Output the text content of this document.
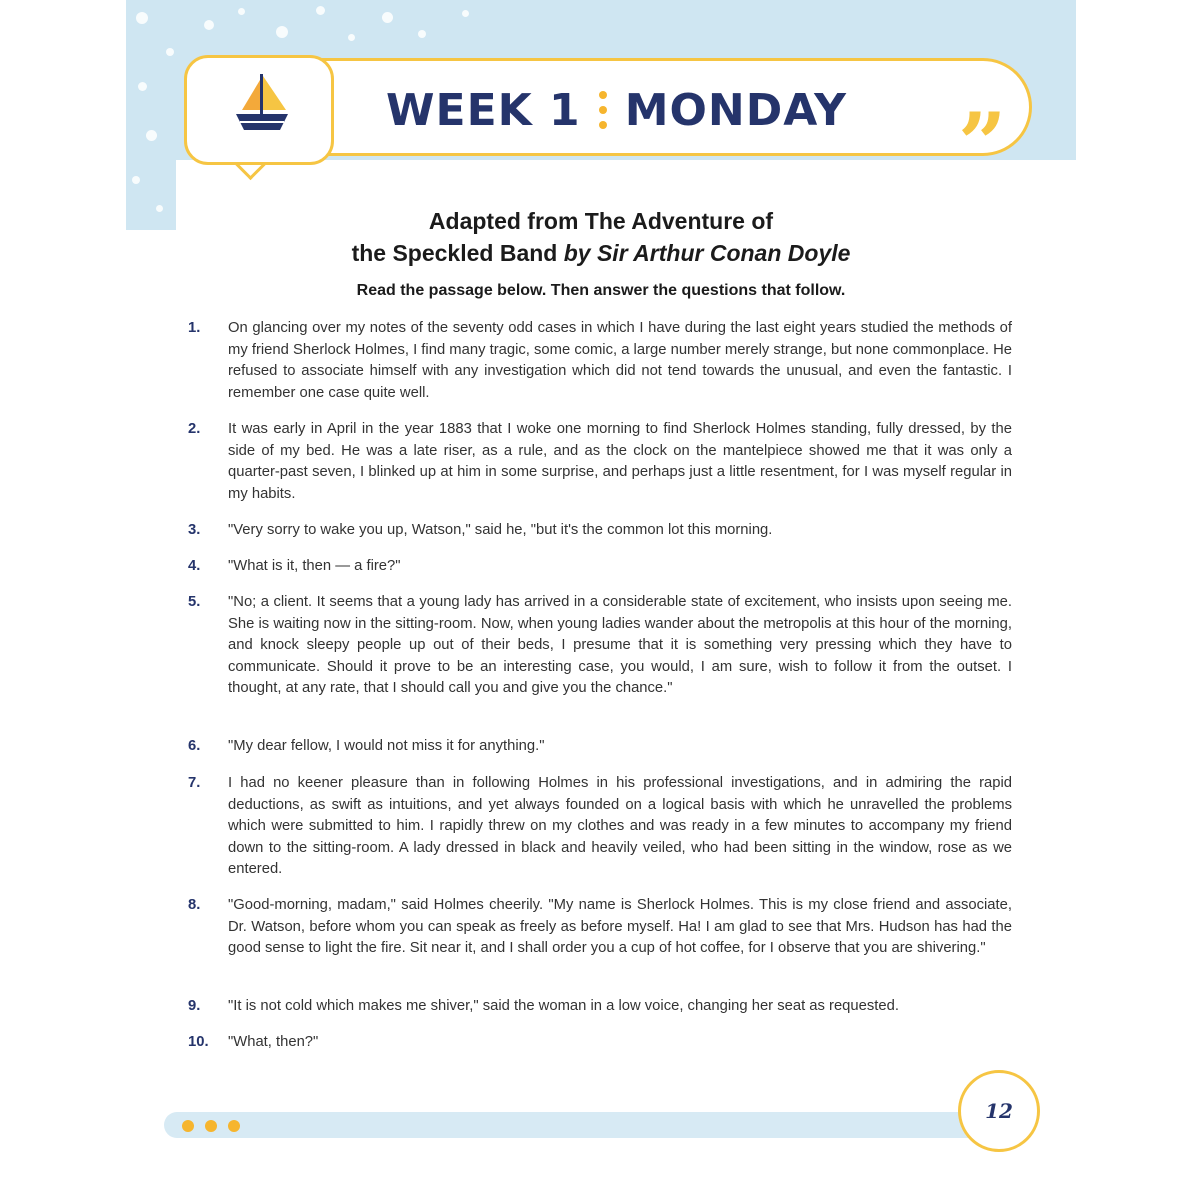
WEEK 1 MONDAY ”
Adapted from The Adventure of
the Speckled Band by Sir Arthur Conan Doyle
Read the passage below. Then answer the questions that follow.
1.	On glancing over my notes of the seventy odd cases in which I have during the last eight years studied the methods of my friend Sherlock Holmes, I find many tragic, some comic, a large number merely strange, but none commonplace. He refused to associate himself with any investigation which did not tend towards the unusual, and even the fantastic. I remember one case quite well.
2.	It was early in April in the year 1883 that I woke one morning to find Sherlock Holmes standing, fully dressed, by the side of my bed. He was a late riser, as a rule, and as the clock on the mantelpiece showed me that it was only a quarter-past seven, I blinked up at him in some surprise, and perhaps just a little resentment, for I was myself regular in my habits.
3.	"Very sorry to wake you up, Watson," said he, "but it's the common lot this morning.
4.	"What is it, then — a fire?"
5.	"No; a client. It seems that a young lady has arrived in a considerable state of excitement, who insists upon seeing me. She is waiting now in the sitting-room. Now, when young ladies wander about the metropolis at this hour of the morning, and knock sleepy people up out of their beds, I presume that it is something very pressing which they have to communicate. Should it prove to be an interesting case, you would, I am sure, wish to follow it from the outset. I thought, at any rate, that I should call you and give you the chance."
6.	"My dear fellow, I would not miss it for anything."
7.	I had no keener pleasure than in following Holmes in his professional investigations, and in admiring the rapid deductions, as swift as intuitions, and yet always founded on a logical basis with which he unravelled the problems which were submitted to him. I rapidly threw on my clothes and was ready in a few minutes to accompany my friend down to the sitting-room. A lady dressed in black and heavily veiled, who had been sitting in the window, rose as we entered.
8.	"Good-morning, madam," said Holmes cheerily. "My name is Sherlock Holmes. This is my close friend and associate, Dr. Watson, before whom you can speak as freely as before myself. Ha! I am glad to see that Mrs. Hudson has had the good sense to light the fire. Sit near it, and I shall order you a cup of hot coffee, for I observe that you are shivering."
9.	"It is not cold which makes me shiver," said the woman in a low voice, changing her seat as requested.
10.	"What, then?"
12
